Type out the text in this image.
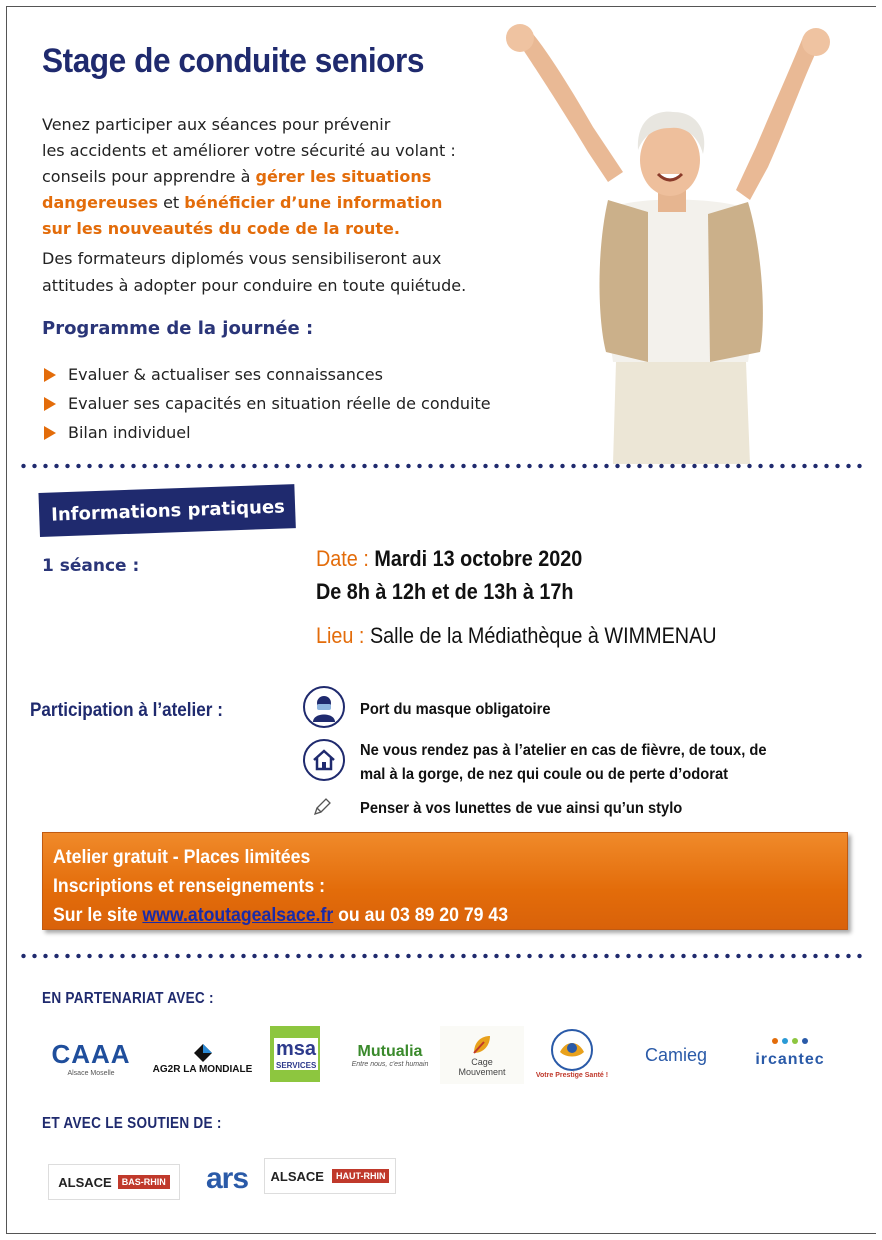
Stage de conduite seniors
Venez participer aux séances pour prévenir
les accidents et améliorer votre sécurité au volant :
conseils pour apprendre à gérer les situations
dangereuses et bénéficier d’une information
sur les nouveautés du code de la route.
Des formateurs diplomés vous sensibiliseront aux
attitudes à adopter pour conduire en toute quiétude.
Programme de la journée :
Evaluer & actualiser ses connaissances
Evaluer ses capacités en situation réelle de conduite
Bilan individuel
Informations pratiques
1 séance :	Date : Mardi 13 octobre 2020
De 8h à 12h et de 13h à 17h
Lieu : Salle de la Médiathèque à WIMMENAU
Participation à l’atelier :	Port du masque obligatoire
Ne vous rendez pas à l’atelier en cas de fièvre, de toux, de
mal à la gorge, de nez qui coule ou de perte d’odorat
Penser à vos lunettes de vue ainsi qu’un stylo
Atelier gratuit - Places limitées
Inscriptions et renseignements :
Sur le site www.atoutagealsace.fr ou au 03 89 20 79 43
EN PARTENARIAT AVEC :
CAAA
Alsace Moselle	AG2R LA MONDIALE
msa
SERVICES
Mutualia
Entre nous, c'est humain	Cage
Mouvement	Votre Prestige Santé !
Camieg	ircantec
ET AVEC LE SOUTIEN DE :
ALSACE	BAS-RHIN ars ALSACE	HAUT-RHIN
